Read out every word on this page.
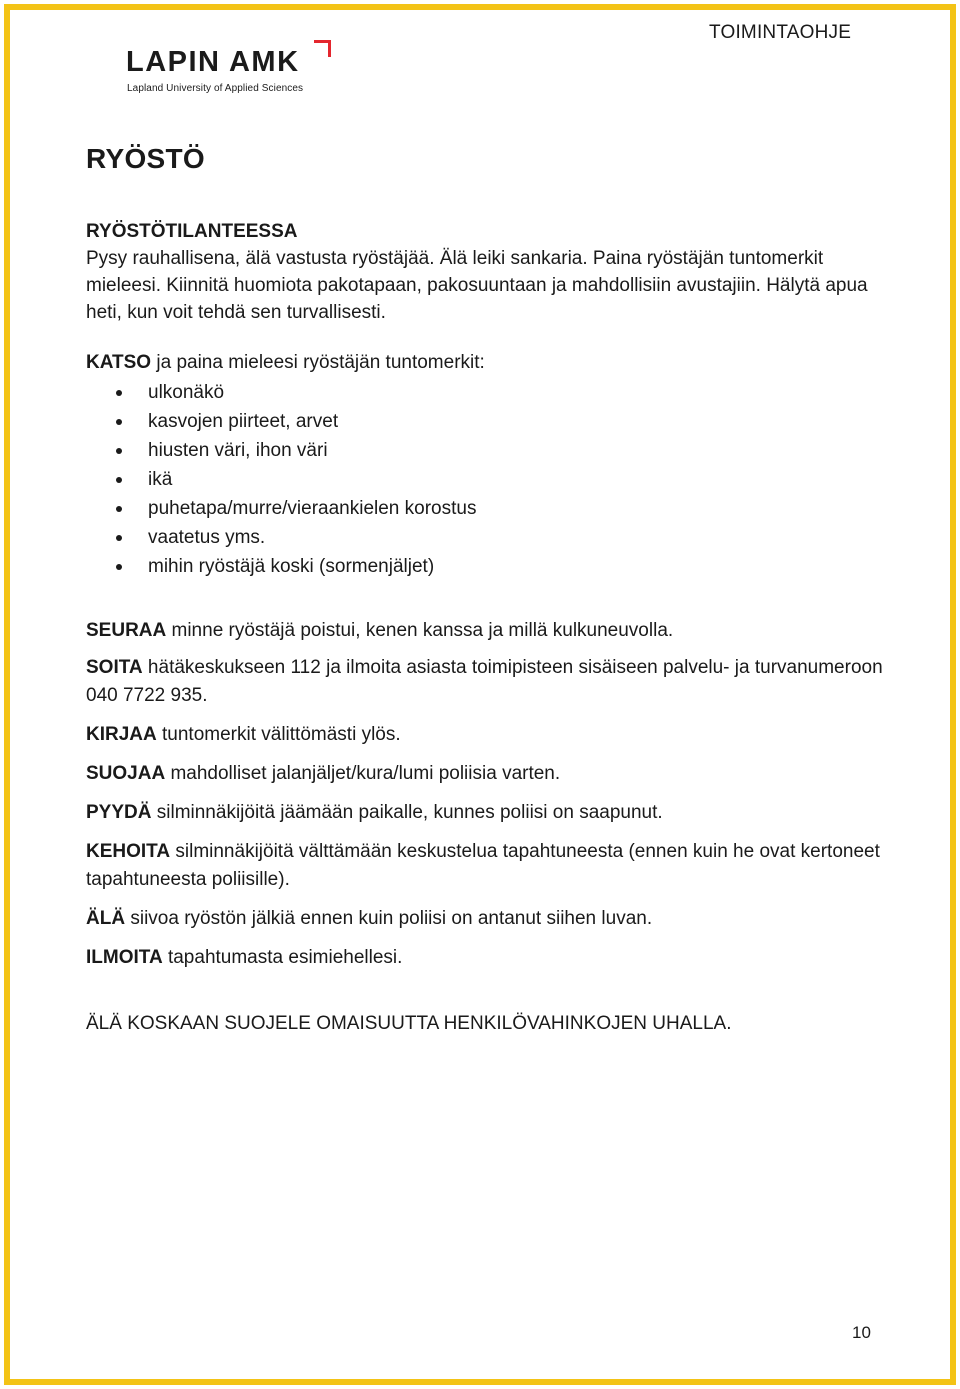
TOIMINTAOHJE
LAPIN AMK
Lapland University of Applied Sciences
RYÖSTÖ

RYÖSTÖTILANTEESSA

Pysy rauhallisena, älä vastusta ryöstäjää. Älä leiki sankaria. Paina ryöstäjän tuntomerkit mieleesi. Kiinnitä huomiota pakotapaan, pakosuuntaan ja mahdollisiin avustajiin. Hälytä apua heti, kun voit tehdä sen turvallisesti.

KATSO ja paina mieleesi ryöstäjän tuntomerkit:

ulkonäkö
kasvojen piirteet, arvet
hiusten väri, ihon väri
ikä
puhetapa/murre/vieraankielen korostus
vaatetus yms.
mihin ryöstäjä koski (sormenjäljet)

SEURAA minne ryöstäjä poistui, kenen kanssa ja millä kulkuneuvolla.

SOITA hätäkeskukseen 112 ja ilmoita asiasta toimipisteen sisäiseen palvelu- ja turvanumeroon 040 7722 935.

KIRJAA tuntomerkit välittömästi ylös.

SUOJAA mahdolliset jalanjäljet/kura/lumi poliisia varten.

PYYDÄ silminnäkijöitä jäämään paikalle, kunnes poliisi on saapunut.

KEHOITA silminnäkijöitä välttämään keskustelua tapahtuneesta (ennen kuin he ovat kertoneet tapahtuneesta poliisille).

ÄLÄ siivoa ryöstön jälkiä ennen kuin poliisi on antanut siihen luvan.

ILMOITA tapahtumasta esimiehellesi.

ÄLÄ KOSKAAN SUOJELE OMAISUUTTA HENKILÖVAHINKOJEN UHALLA.

10
